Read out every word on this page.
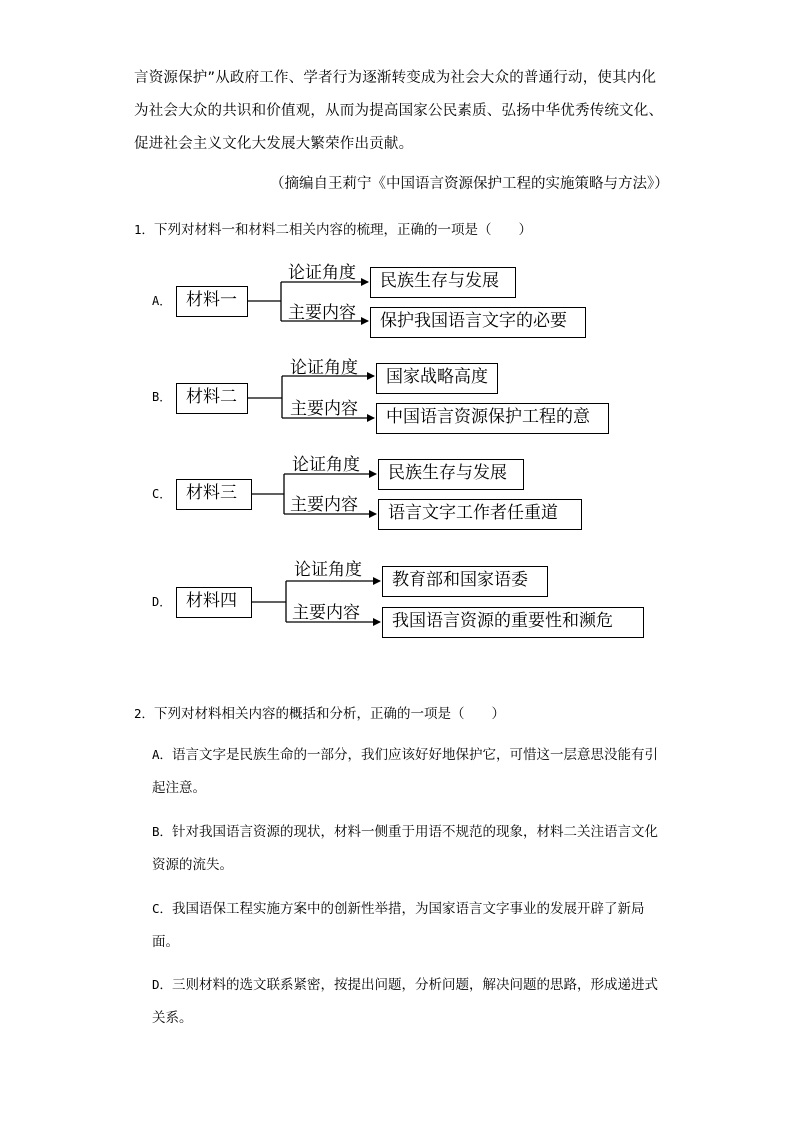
言资源保护”从政府工作、学者行为逐渐转变成为社会大众的普通行动，使其内化为社会大众的共识和价值观，从而为提高国家公民素质、弘扬中华优秀传统文化、促进社会主义文化大发展大繁荣作出贡献。
（摘编自王莉宁《中国语言资源保护工程的实施策略与方法》）
1．下列对材料一和材料二相关内容的梳理，正确的一项是（　　）
A． 材料一
论证角度
主要内容
民族生存与发展
保护我国语言文字的必要
B． 材料二
论证角度
主要内容
国家战略高度
中国语言资源保护工程的意
C． 材料三
论证角度
主要内容
民族生存与发展
语言文字工作者任重道
D． 材料四
论证角度
主要内容
教育部和国家语委
我国语言资源的重要性和濒危
2．下列对材料相关内容的概括和分析，正确的一项是（　　）
A．语言文字是民族生命的一部分，我们应该好好地保护它，可惜这一层意思没能有引起注意。
B．针对我国语言资源的现状，材料一侧重于用语不规范的现象，材料二关注语言文化资源的流失。
C．我国语保工程实施方案中的创新性举措，为国家语言文字事业的发展开辟了新局面。
D．三则材料的选文联系紧密，按提出问题，分析问题，解决问题的思路，形成递进式关系。
